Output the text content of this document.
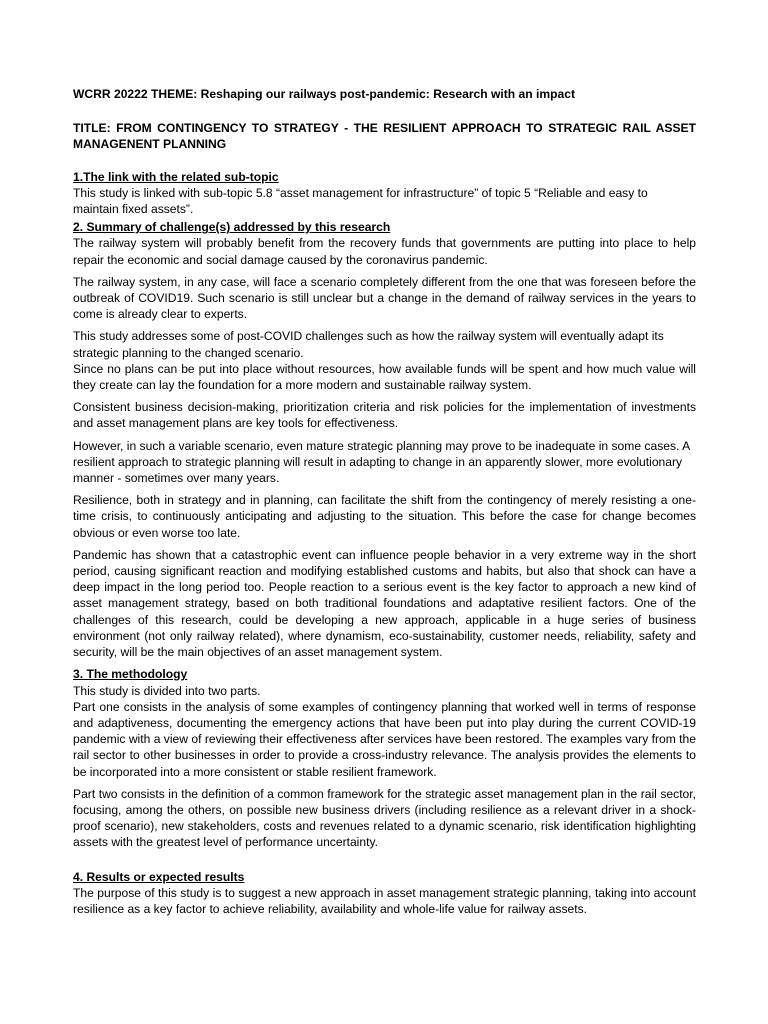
WCRR 20222 THEME: Reshaping our railways post-pandemic: Research with an impact

TITLE: FROM CONTINGENCY TO STRATEGY - THE RESILIENT APPROACH TO STRATEGIC RAIL ASSET MANAGENENT PLANNING

1.The link with the related sub-topic

This study is linked with sub-topic 5.8 “asset management for infrastructure” of topic 5 “Reliable and easy to maintain fixed assets”.

2. Summary of challenge(s) addressed by this research

The railway system will probably benefit from the recovery funds that governments are putting into place to help repair the economic and social damage caused by the coronavirus pandemic.

The railway system, in any case, will face a scenario completely different from the one that was foreseen before the outbreak of COVID19. Such scenario is still unclear but a change in the demand of railway services in the years to come is already clear to experts.

This study addresses some of post-COVID challenges such as how the railway system will eventually adapt its strategic planning to the changed scenario.

Since no plans can be put into place without resources, how available funds will be spent and how much value will they create can lay the foundation for a more modern and sustainable railway system.

Consistent business decision-making, prioritization criteria and risk policies for the implementation of investments and asset management plans are key tools for effectiveness.

However, in such a variable scenario, even mature strategic planning may prove to be inadequate in some cases. A resilient approach to strategic planning will result in adapting to change in an apparently slower, more evolutionary manner - sometimes over many years.

Resilience, both in strategy and in planning, can facilitate the shift from the contingency of merely resisting a one-time crisis, to continuously anticipating and adjusting to the situation. This before the case for change becomes obvious or even worse too late.

Pandemic has shown that a catastrophic event can influence people behavior in a very extreme way in the short period, causing significant reaction and modifying established customs and habits, but also that shock can have a deep impact in the long period too. People reaction to a serious event is the key factor to approach a new kind of asset management strategy, based on both traditional foundations and adaptative resilient factors. One of the challenges of this research, could be developing a new approach, applicable in a huge series of business environment (not only railway related), where dynamism, eco-sustainability, customer needs, reliability, safety and security, will be the main objectives of an asset management system.

3. The methodology

This study is divided into two parts.

Part one consists in the analysis of some examples of contingency planning that worked well in terms of response and adaptiveness, documenting the emergency actions that have been put into play during the current COVID-19 pandemic with a view of reviewing their effectiveness after services have been restored. The examples vary from the rail sector to other businesses in order to provide a cross-industry relevance. The analysis provides the elements to be incorporated into a more consistent or stable resilient framework.

Part two consists in the definition of a common framework for the strategic asset management plan in the rail sector, focusing, among the others, on possible new business drivers (including resilience as a relevant driver in a shock-proof scenario), new stakeholders, costs and revenues related to a dynamic scenario, risk identification highlighting assets with the greatest level of performance uncertainty.

4. Results or expected results

The purpose of this study is to suggest a new approach in asset management strategic planning, taking into account resilience as a key factor to achieve reliability, availability and whole-life value for railway assets.
